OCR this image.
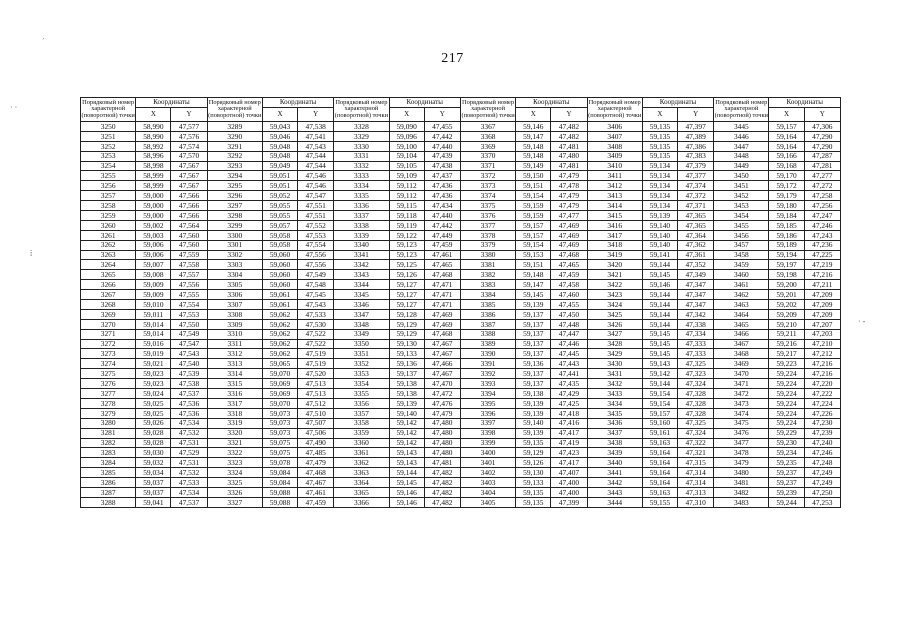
217
· ·
⁞
· -
´
Порядковый номер характерной (поворотной) точки	Координаты		Порядковый номер характерной (поворотной) точки	Координаты		Порядковый номер характерной (поворотной) точки	Координаты		Порядковый номер характерной (поворотной) точки	Координаты		Порядковый номер характерной (поворотной) точки	Координаты		Порядковый номер характерной (поворотной) точки	Координаты	
	X	Y		X	Y		X	Y		X	Y		X	Y		X	Y
3250	58,990	47,577	3289	59,043	47,538	3328	59,090	47,455	3367	59,146	47,482	3406	59,135	47,397	3445	59,157	47,306
3251	58,990	47,576	3290	59,046	47,541	3329	59,096	47,442	3368	59,147	47,482	3407	59,135	47,389	3446	59,164	47,290
3252	58,992	47,574	3291	59,048	47,543	3330	59,100	47,440	3369	59,148	47,481	3408	59,135	47,386	3447	59,164	47,290
3253	58,996	47,570	3292	59,048	47,544	3331	59,104	47,439	3370	59,148	47,480	3409	59,135	47,383	3448	59,166	47,287
3254	58,998	47,567	3293	59,049	47,544	3332	59,105	47,438	3371	59,149	47,481	3410	59,134	47,379	3449	59,168	47,281
3255	58,999	47,567	3294	59,051	47,546	3333	59,109	47,437	3372	59,150	47,479	3411	59,134	47,377	3450	59,170	47,277
3256	58,999	47,567	3295	59,051	47,546	3334	59,112	47,436	3373	59,151	47,478	3412	59,134	47,374	3451	59,172	47,272
3257	59,000	47,566	3296	59,052	47,547	3335	59,112	47,436	3374	59,154	47,479	3413	59,134	47,372	3452	59,179	47,258
3258	59,000	47,566	3297	59,055	47,551	3336	59,115	47,434	3375	59,159	47,479	3414	59,134	47,371	3453	59,180	47,256
3259	59,000	47,566	3298	59,055	47,551	3337	59,118	47,440	3376	59,159	47,477	3415	59,139	47,365	3454	59,184	47,247
3260	59,002	47,564	3299	59,057	47,552	3338	59,119	47,442	3377	59,157	47,469	3416	59,140	47,365	3455	59,185	47,246
3261	59,003	47,560	3300	59,058	47,553	3339	59,122	47,449	3378	59,157	47,469	3417	59,140	47,364	3456	59,186	47,243
3262	59,006	47,560	3301	59,058	47,554	3340	59,123	47,459	3379	59,154	47,469	3418	59,140	47,362	3457	59,189	47,236
3263	59,006	47,559	3302	59,060	47,556	3341	59,123	47,461	3380	59,153	47,468	3419	59,141	47,361	3458	59,194	47,225
3264	59,007	47,558	3303	59,060	47,556	3342	59,125	47,465	3381	59,151	47,465	3420	59,144	47,352	3459	59,197	47,219
3265	59,008	47,557	3304	59,060	47,549	3343	59,126	47,468	3382	59,148	47,459	3421	59,145	47,349	3460	59,198	47,216
3266	59,009	47,556	3305	59,060	47,548	3344	59,127	47,471	3383	59,147	47,458	3422	59,146	47,347	3461	59,200	47,211
3267	59,009	47,555	3306	59,061	47,545	3345	59,127	47,471	3384	59,145	47,460	3423	59,144	47,347	3462	59,201	47,209
3268	59,010	47,554	3307	59,061	47,543	3346	59,127	47,471	3385	59,139	47,455	3424	59,144	47,347	3463	59,202	47,209
3269	59,011	47,553	3308	59,062	47,533	3347	59,128	47,469	3386	59,137	47,450	3425	59,144	47,342	3464	59,209	47,209
3270	59,014	47,550	3309	59,062	47,530	3348	59,129	47,469	3387	59,137	47,448	3426	59,144	47,338	3465	59,210	47,207
3271	59,014	47,549	3310	59,062	47,522	3349	59,129	47,468	3388	59,137	47,447	3427	59,145	47,334	3466	59,211	47,203
3272	59,016	47,547	3311	59,062	47,522	3350	59,130	47,467	3389	59,137	47,446	3428	59,145	47,333	3467	59,216	47,210
3273	59,019	47,543	3312	59,062	47,519	3351	59,133	47,467	3390	59,137	47,445	3429	59,145	47,333	3468	59,217	47,212
3274	59,021	47,540	3313	59,065	47,519	3352	59,136	47,466	3391	59,136	47,443	3430	59,143	47,325	3469	59,223	47,216
3275	59,023	47,539	3314	59,070	47,520	3353	59,137	47,467	3392	59,137	47,441	3431	59,142	47,323	3470	59,224	47,216
3276	59,023	47,538	3315	59,069	47,513	3354	59,138	47,470	3393	59,137	47,435	3432	59,144	47,324	3471	59,224	47,220
3277	59,024	47,537	3316	59,069	47,513	3355	59,138	47,472	3394	59,138	47,429	3433	59,154	47,328	3472	59,224	47,222
3278	59,025	47,536	3317	59,070	47,512	3356	59,139	47,476	3395	59,139	47,425	3434	59,154	47,328	3473	59,224	47,224
3279	59,025	47,536	3318	59,073	47,510	3357	59,140	47,479	3396	59,139	47,418	3435	59,157	47,328	3474	59,224	47,226
3280	59,026	47,534	3319	59,073	47,507	3358	59,142	47,480	3397	59,140	47,416	3436	59,160	47,325	3475	59,224	47,230
3281	59,028	47,532	3320	59,073	47,506	3359	59,142	47,480	3398	59,139	47,417	3437	59,161	47,324	3476	59,229	47,239
3282	59,028	47,531	3321	59,075	47,490	3360	59,142	47,480	3399	59,135	47,419	3438	59,163	47,322	3477	59,230	47,240
3283	59,030	47,529	3322	59,075	47,485	3361	59,143	47,480	3400	59,129	47,423	3439	59,164	47,321	3478	59,234	47,246
3284	59,032	47,531	3323	59,078	47,479	3362	59,143	47,481	3401	59,126	47,417	3440	59,164	47,315	3479	59,235	47,248
3285	59,034	47,532	3324	59,084	47,468	3363	59,144	47,482	3402	59,130	47,407	3441	59,164	47,314	3480	59,237	47,249
3286	59,037	47,533	3325	59,084	47,467	3364	59,145	47,482	3403	59,133	47,400	3442	59,164	47,314	3481	59,237	47,249
3287	59,037	47,534	3326	59,088	47,461	3365	59,146	47,482	3404	59,135	47,400	3443	59,163	47,313	3482	59,239	47,250
3288	59,041	47,537	3327	59,088	47,459	3366	59,146	47,482	3405	59,135	47,399	3444	59,155	47,310	3483	59,244	47,253
